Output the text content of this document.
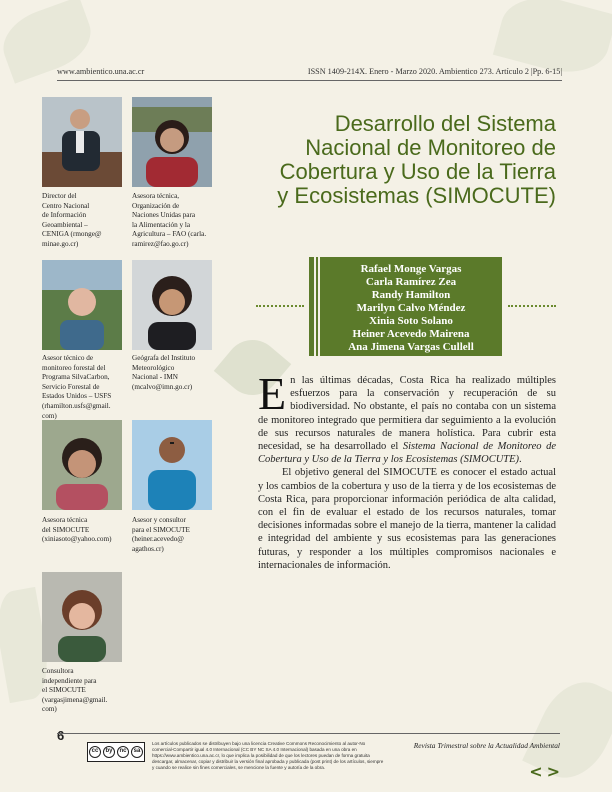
www.ambientico.una.ac.cr	ISSN 1409-214X. Enero - Marzo 2020. Ambientico 273. Artículo 2 |Pp. 6-15|
Director del
Centro Nacional
de Información
Geoambiental –
CENIGA (rmonge@
minae.go.cr)
Asesora técnica,
Organización de
Naciones Unidas para
la Alimentación y la
Agricultura – FAO (carla.
ramirez@fao.go.cr)
Asesor técnico de
monitoreo forestal del
Programa SilvaCarbon,
Servicio Forestal de
Estados Unidos – USFS
(rhamilton.usfs@gmail.
com)
Geógrafa del Instituto
Meteorológico
Nacional - IMN
(mcalvo@imn.go.cr)
Asesora técnica
del SIMOCUTE
(xiniasoto@yahoo.com)
Asesor y consultor
para el SIMOCUTE
(heiner.acevedo@
agathos.cr)
Consultora
independiente para
el SIMOCUTE
(vargasjimena@gmail.
com)
Desarrollo del Sistema
Nacional de Monitoreo de
Cobertura y Uso de la Tierra
y Ecosistemas (SIMOCUTE)
Rafael Monge Vargas
Carla Ramírez Zea
Randy Hamilton
Marilyn Calvo Méndez
Xinia Soto Solano
Heiner Acevedo Mairena
Ana Jimena Vargas Cullell

En las últimas décadas, Costa Rica ha realizado múltiples esfuerzos para la conservación y recuperación de su biodiversidad. No obstante, el país no contaba con un sistema de monitoreo integrado que permitiera dar seguimiento a la evolución de sus recursos naturales de manera holística. Para cubrir esta necesidad, se ha desarrollado el Sistema Nacional de Monitoreo de Cobertura y Uso de la Tierra y los Ecosistemas (SIMOCUTE).

El objetivo general del SIMOCUTE es conocer el estado actual y los cambios de la cobertura y uso de la tierra y de los ecosistemas de Costa Rica, para proporcionar información periódica de alta calidad, con el fin de evaluar el estado de los recursos naturales, tomar decisiones informadas sobre el manejo de la tierra, mantener la calidad e integridad del ambiente y sus ecosistemas para las generaciones futuras, y responder a los múltiples compromisos nacionales e internacionales de información.

6
cc	by	nc	sa
Los artículos publicados se distribuyen bajo una licencia Creative Commons Reconocimiento al autor-No comercial-Compartir igual 4.0 Internacional (CC BY NC SA 4.0 Internacional) basada en una obra en https://www.ambientico.una.ac.cr, lo que implica la posibilidad de que los lectores puedan de forma gratuita descargar, almacenar, copiar y distribuir la versión final aprobada y publicada (post print) de los artículos, siempre y cuando se realice sin fines comerciales, se mencione la fuente y autoría de la obra.
Revista Trimestral sobre la Actualidad Ambiental
< >
